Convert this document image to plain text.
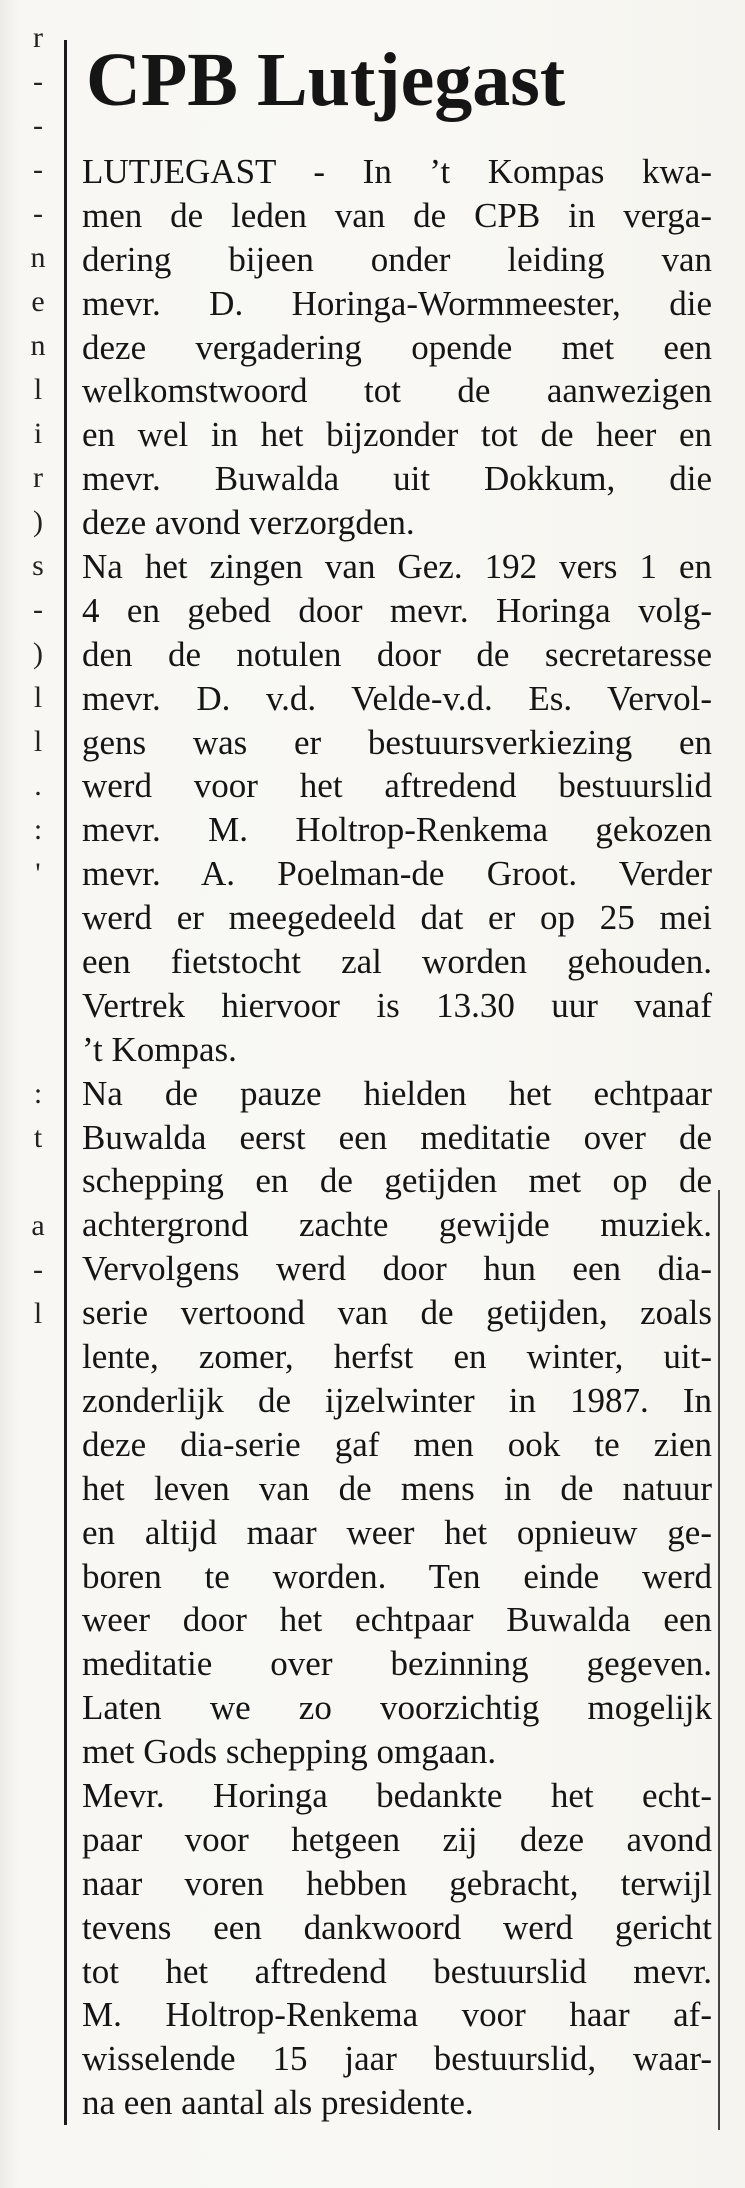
r
-
-
-
-
n
e
n
l
i
r
)
s
-
)
l
l
.
:
'
:
t
a
-
l
CPB Lutjegast
LUTJEGAST - In ’t Kompas kwa-
men de leden van de CPB in verga-
dering bijeen onder leiding van
mevr. D. Horinga-Wormmeester, die
deze vergadering opende met een
welkomstwoord tot de aanwezigen
en wel in het bijzonder tot de heer en
mevr. Buwalda uit Dokkum, die
deze avond verzorgden.
Na het zingen van Gez. 192 vers 1 en
4 en gebed door mevr. Horinga volg-
den de notulen door de secretaresse
mevr. D. v.d. Velde-v.d. Es. Vervol-
gens was er bestuursverkiezing en
werd voor het aftredend bestuurslid
mevr. M. Holtrop-Renkema gekozen
mevr. A. Poelman-de Groot. Verder
werd er meegedeeld dat er op 25 mei
een fietstocht zal worden gehouden.
Vertrek hiervoor is 13.30 uur vanaf
’t Kompas.
Na de pauze hielden het echtpaar
Buwalda eerst een meditatie over de
schepping en de getijden met op de
achtergrond zachte gewijde muziek.
Vervolgens werd door hun een dia-
serie vertoond van de getijden, zoals
lente, zomer, herfst en winter, uit-
zonderlijk de ijzelwinter in 1987. In
deze dia-serie gaf men ook te zien
het leven van de mens in de natuur
en altijd maar weer het opnieuw ge-
boren te worden. Ten einde werd
weer door het echtpaar Buwalda een
meditatie over bezinning gegeven.
Laten we zo voorzichtig mogelijk
met Gods schepping omgaan.
Mevr. Horinga bedankte het echt-
paar voor hetgeen zij deze avond
naar voren hebben gebracht, terwijl
tevens een dankwoord werd gericht
tot het aftredend bestuurslid mevr.
M. Holtrop-Renkema voor haar af-
wisselende 15 jaar bestuurslid, waar-
na een aantal als presidente.
